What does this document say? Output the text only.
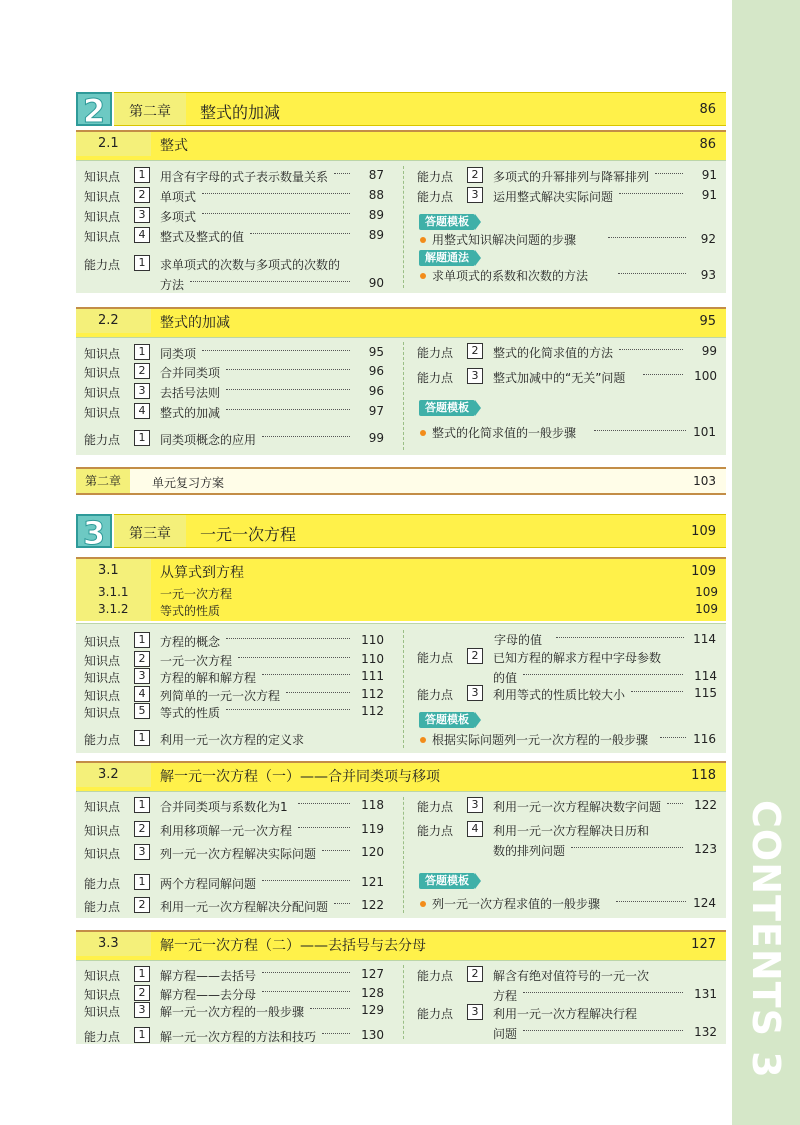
CONTENTS 3
2	第二章	整式的加减	86
2.1	整式	86
知识点	1	用含有字母的式子表示数量关系	87
知识点	2	单项式	88
知识点	3	多项式	89
知识点	4	整式及整式的值	89
能力点	1	求单项式的次数与多项式的次数的
方法	90
能力点	2	多项式的升幂排列与降幂排列	91
能力点	3	运用整式解决实际问题	91
答题模板
用整式知识解决问题的步骤	92
解题通法
求单项式的系数和次数的方法	93
2.2	整式的加减	95
知识点	1	同类项	95
知识点	2	合并同类项	96
知识点	3	去括号法则	96
知识点	4	整式的加减	97
能力点	1	同类项概念的应用	99
能力点	2	整式的化简求值的方法	99
能力点	3	整式加减中的“无关”问题	100
答题模板
整式的化简求值的一般步骤	101
第二章	单元复习方案	103
3	第三章	一元一次方程	109
3.1	从算式到方程	109
3.1.1	一元一次方程	109
3.1.2	等式的性质	109
知识点	1	方程的概念	110
知识点	2	一元一次方程	110
知识点	3	方程的解和解方程	111
知识点	4	列简单的一元一次方程	112
知识点	5	等式的性质	112
能力点	1	利用一元一次方程的定义求
字母的值	114
能力点	2	已知方程的解求方程中字母参数
的值	114
能力点	3	利用等式的性质比较大小	115
答题模板
根据实际问题列一元一次方程的一般步骤	116
3.2	解一元一次方程（一）——合并同类项与移项	118
知识点	1	合并同类项与系数化为1	118
知识点	2	利用移项解一元一次方程	119
知识点	3	列一元一次方程解决实际问题	120
能力点	1	两个方程同解问题	121
能力点	2	利用一元一次方程解决分配问题	122
能力点	3	利用一元一次方程解决数字问题	122
能力点	4	利用一元一次方程解决日历和
数的排列问题	123
答题模板
列一元一次方程求值的一般步骤	124
3.3	解一元一次方程（二）——去括号与去分母	127
知识点	1	解方程——去括号	127
知识点	2	解方程——去分母	128
知识点	3	解一元一次方程的一般步骤	129
能力点	1	解一元一次方程的方法和技巧	130
能力点	2	解含有绝对值符号的一元一次
方程	131
能力点	3	利用一元一次方程解决行程
问题	132
